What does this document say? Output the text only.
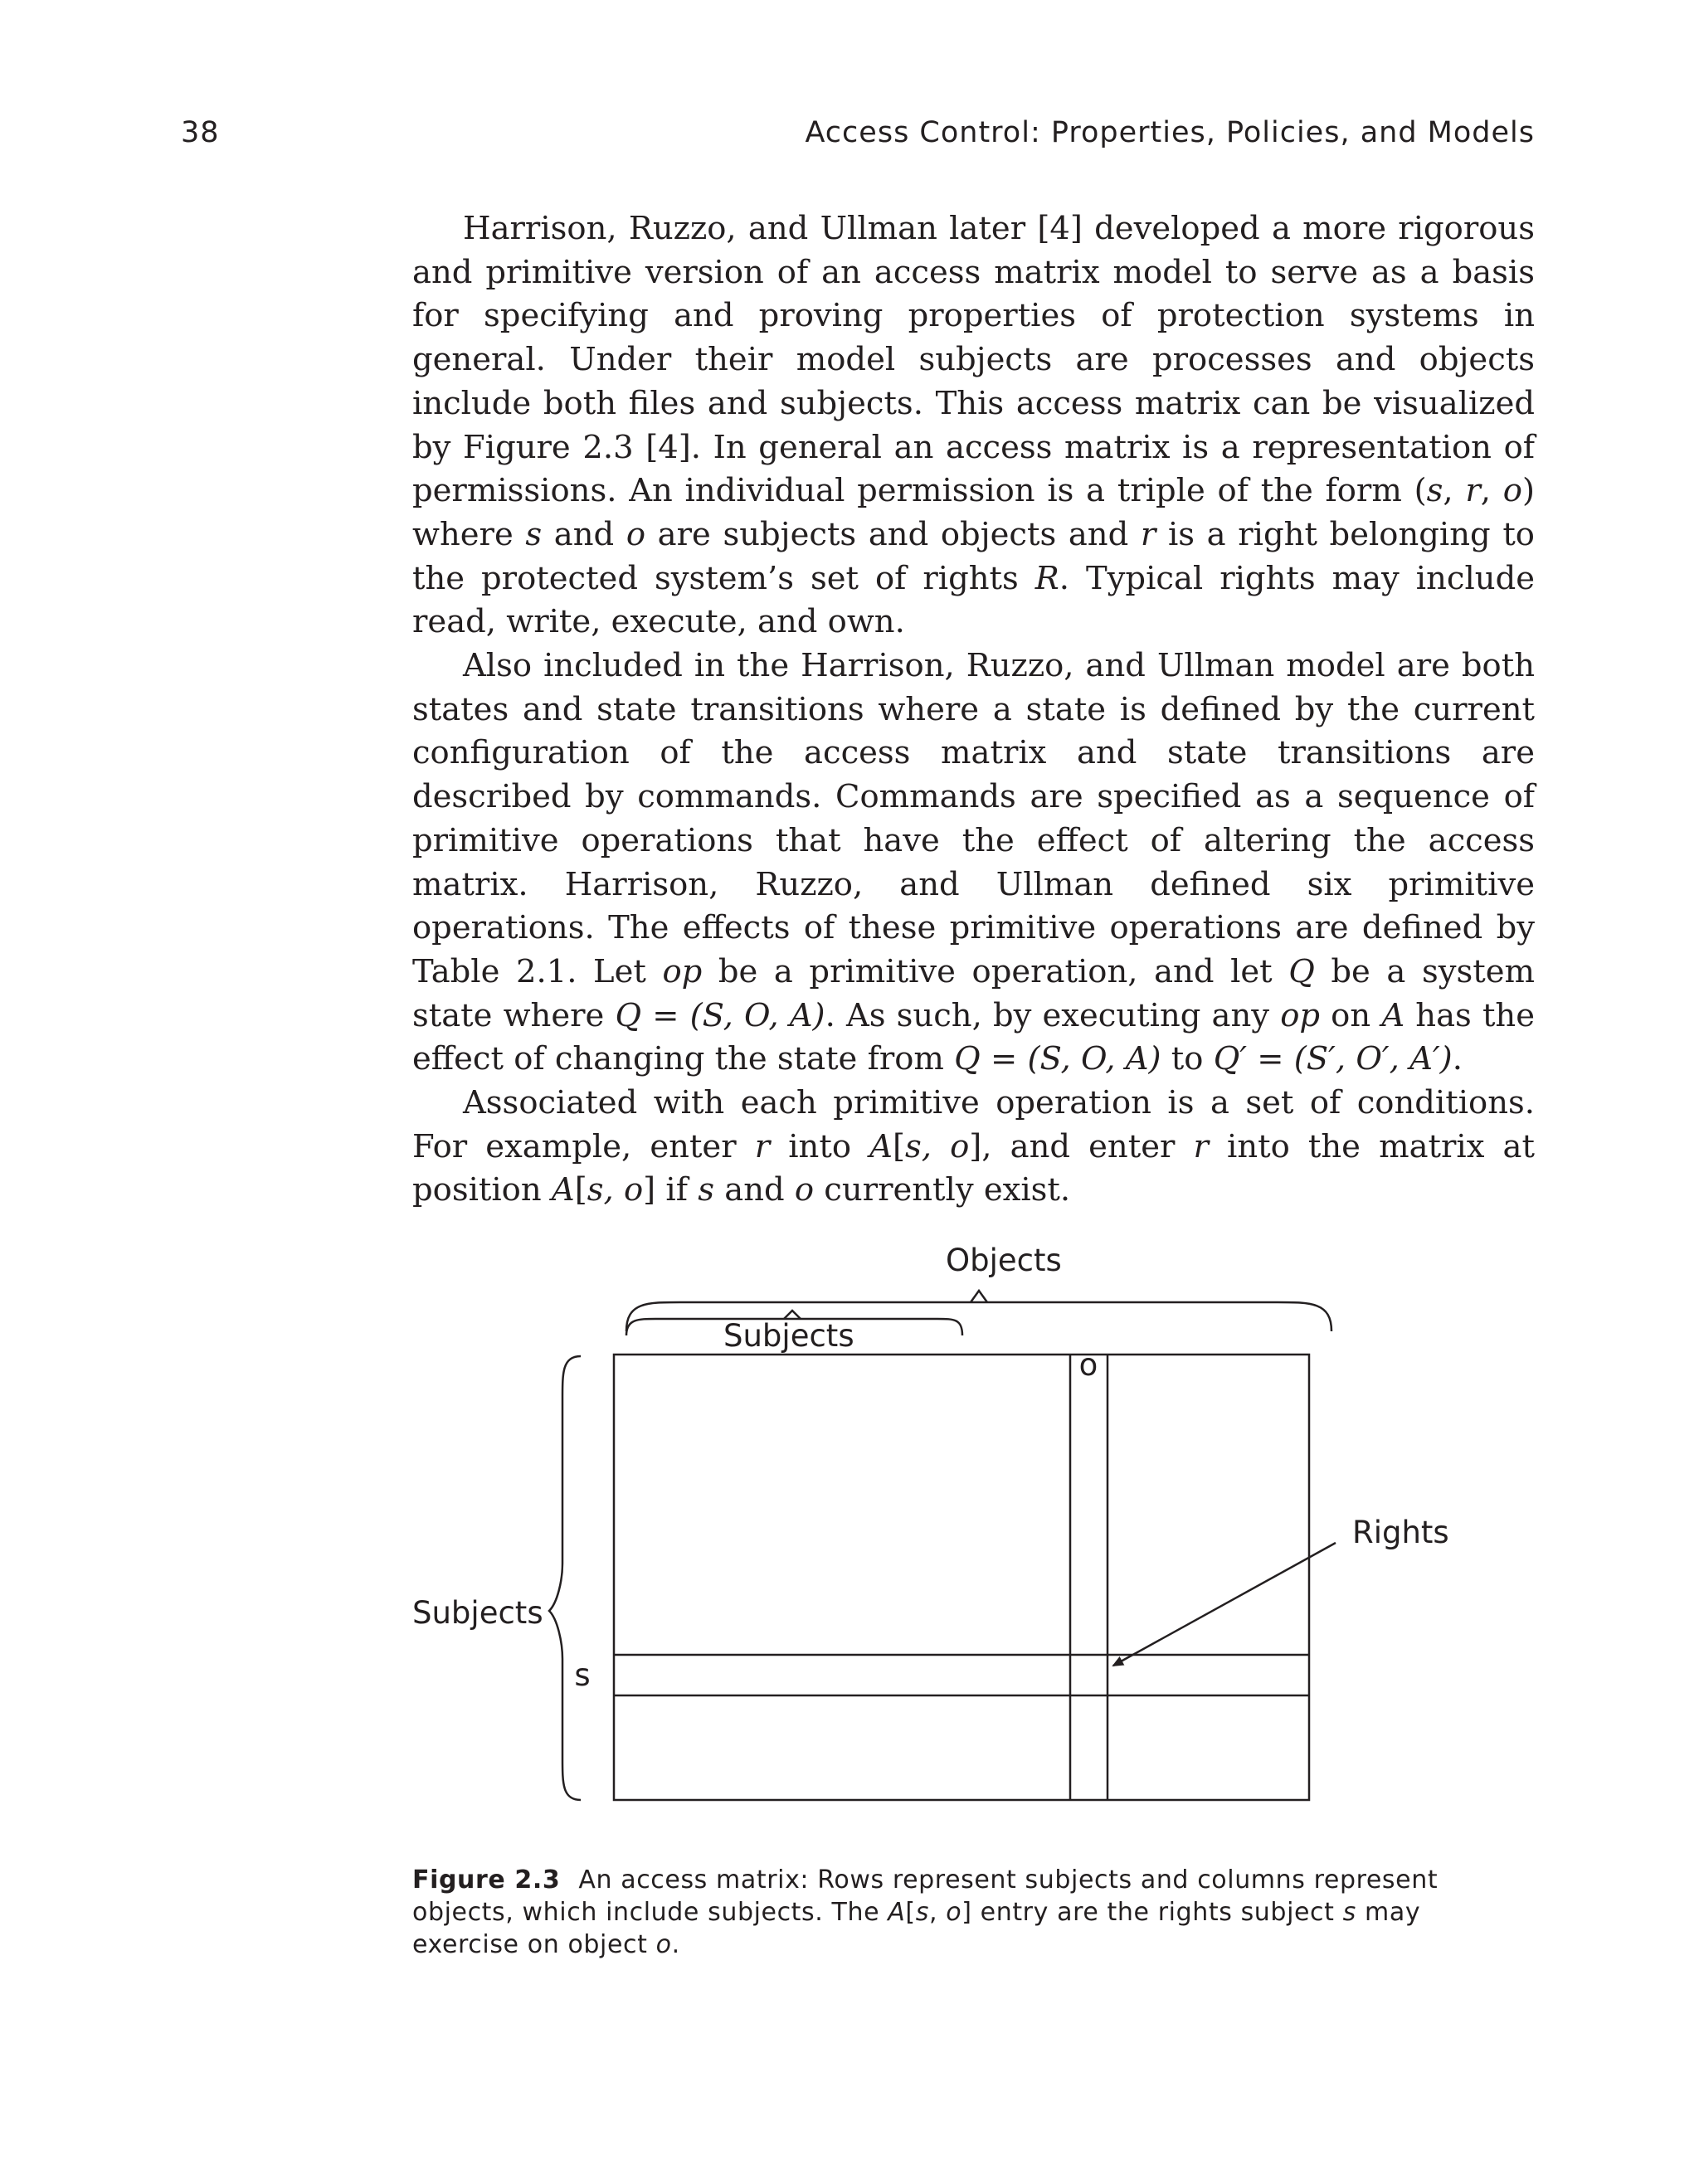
38	Access Control: Properties, Policies, and Models

Harrison, Ruzzo, and Ullman later [4] developed a more rigorous and primitive version of an access matrix model to serve as a basis for specifying and proving properties of protection systems in general. Under their model subjects are processes and objects include both files and subjects. This access matrix can be visualized by Figure 2.3 [4]. In general an access matrix is a representation of permissions. An individual permission is a triple of the form (s, r, o) where s and o are subjects and objects and r is a right belonging to the protected system’s set of rights R. Typical rights may include read, write, execute, and own.

Also included in the Harrison, Ruzzo, and Ullman model are both states and state transitions where a state is defined by the current configuration of the access matrix and state transitions are described by commands. Commands are specified as a sequence of primitive operations that have the effect of altering the access matrix. Harrison, Ruzzo, and Ullman defined six primitive operations. The effects of these primitive operations are defined by Table 2.1. Let op be a primitive operation, and let Q be a system state where Q = (S, O, A). As such, by executing any op on A has the effect of changing the state from Q = (S, O, A) to Q′ = (S′, O′, A′).

Associated with each primitive operation is a set of conditions. For example, enter r into A[s, o], and enter r into the matrix at position A[s, o] if s and o currently exist.

Objects
Subjects
o
Rights
Subjects
s
Figure 2.3 An access matrix: Rows represent subjects and columns represent objects, which include subjects. The A[s, o] entry are the rights subject s may exercise on object o.
